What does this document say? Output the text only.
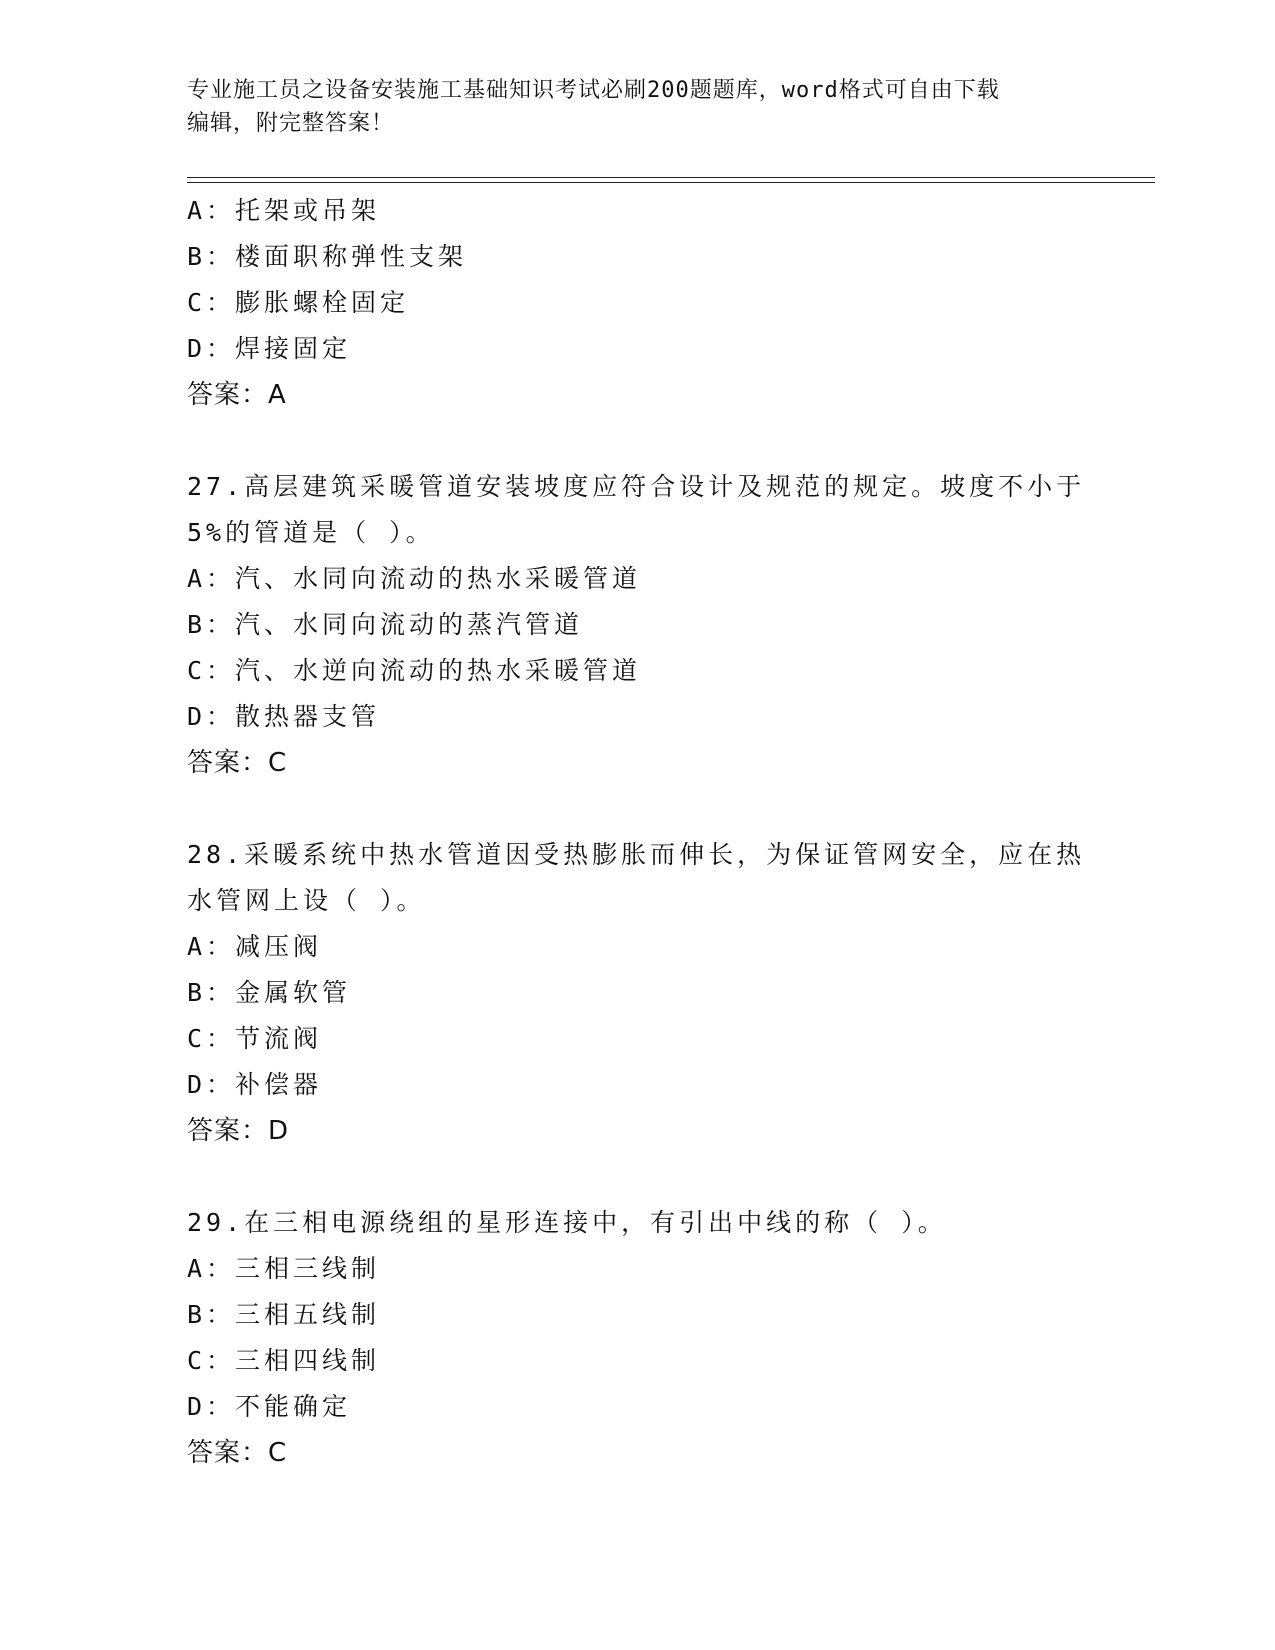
专业施工员之设备安装施工基础知识考试必刷200题题库，word格式可自由下载
编辑，附完整答案！
A：托架或吊架
B：楼面职称弹性支架
C：膨胀螺栓固定
D：焊接固定
答案：A
27.高层建筑采暖管道安装坡度应符合设计及规范的规定。坡度不小于
5%的管道是（ ）。
A：汽、水同向流动的热水采暖管道
B：汽、水同向流动的蒸汽管道
C：汽、水逆向流动的热水采暖管道
D：散热器支管
答案：C
28.采暖系统中热水管道因受热膨胀而伸长，为保证管网安全，应在热
水管网上设（ ）。
A：减压阀
B：金属软管
C：节流阀
D：补偿器
答案：D
29.在三相电源绕组的星形连接中，有引出中线的称（ ）。
A：三相三线制
B：三相五线制
C：三相四线制
D：不能确定
答案：C
